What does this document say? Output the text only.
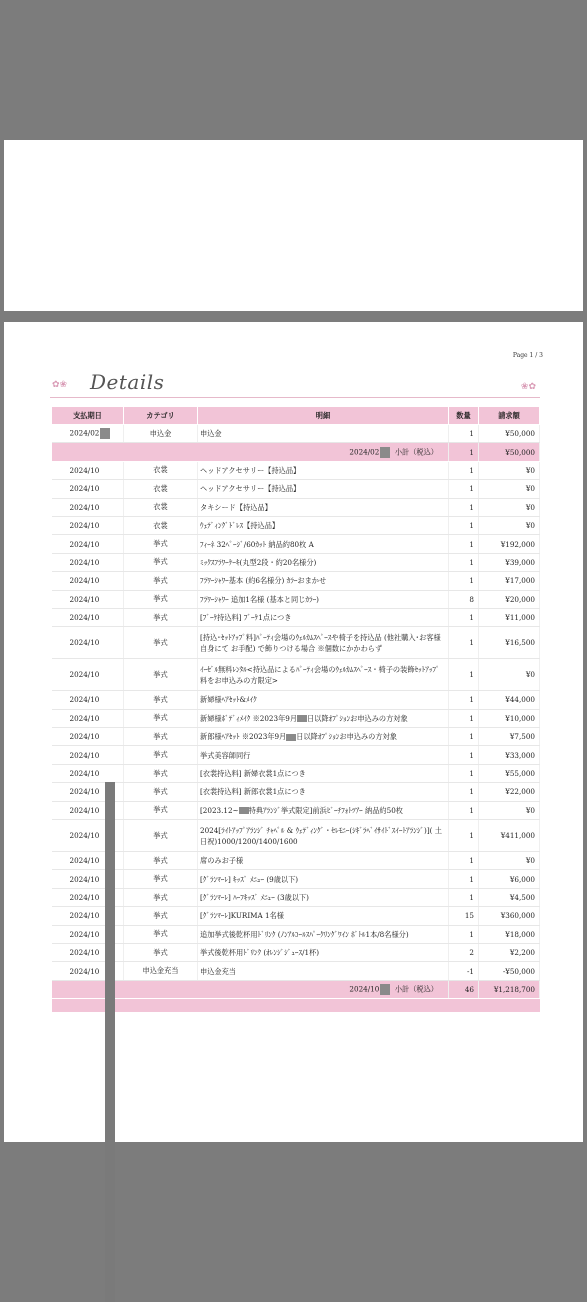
Page 1 / 3
✿❀ Details	❀✿
支払期日	カテゴリ	明細	数量	請求額
2024/02	申込金	申込金	1	¥50,000
2024/02 小計（税込）			1	¥50,000
2024/10	衣裳	ヘッドアクセサリー【持込品】	1	¥0
2024/10	衣裳	ヘッドアクセサリー【持込品】	1	¥0
2024/10	衣裳	タキシード【持込品】	1	¥0
2024/10	衣裳	ｳｪﾃﾞｨﾝｸﾞﾄﾞﾚｽ【持込品】	1	¥0
2024/10	挙式	ﾌｨｰﾈ 32ﾍﾟｰｼﾞ/60ｶｯﾄ 納品約80枚 A	1	¥192,000
2024/10	挙式	ﾐｯｸｽﾌﾗﾜｰｹｰｷ(丸型2段・約20名様分)	1	¥39,000
2024/10	挙式	ﾌﾗﾜｰｼｬﾜｰ基本 (約6名様分) ｶﾗｰおまかせ	1	¥17,000
2024/10	挙式	ﾌﾗﾜｰｼｬﾜｰ 追加1名様 (基本と同じｶﾗｰ)	8	¥20,000
2024/10	挙式	[ﾌﾞｰｹ持込料] ﾌﾞｰｹ1点につき	1	¥11,000
2024/10	挙式	[持込･ｾｯﾄｱｯﾌﾟ料]ﾊﾟｰﾃｨ会場のｳｪﾙｶﾑｽﾍﾟｰｽや椅子を持込品 (他社購入･お客様自身にて お手配) で飾りつける場合 ※個数にかかわらず	1	¥16,500
2024/10	挙式	ｲｰｾﾞﾙ無料ﾚﾝﾀﾙ<持込品によるﾊﾟｰﾃｨ会場のｳｪﾙｶﾑｽﾍﾟｰｽ・椅子の装飾ｾｯﾄｱｯﾌﾟ 料をお申込みの方限定>	1	¥0
2024/10	挙式	新婦様ﾍｱｾｯﾄ&ﾒｲｸ	1	¥44,000
2024/10	挙式	新婦様ﾎﾞﾃﾞｨﾒｲｸ ※2023年9月 日以降ｵﾌﾟｼｮﾝお申込みの方対象	1	¥10,000
2024/10	挙式	新郎様ﾍｱｾｯﾄ ※2023年9月 日以降ｵﾌﾟｼｮﾝお申込みの方対象	1	¥7,500
2024/10	挙式	挙式美容師同行	1	¥33,000
2024/10	挙式	[衣裳持込料] 新婦衣裳1点につき	1	¥55,000
2024/10	挙式	[衣裳持込料] 新郎衣裳1点につき	1	¥22,000
2024/10	挙式	[2023.12~ 特典ｱﾗﾝｼﾞ挙式限定]前浜ﾋﾞｰﾁﾌｫﾄﾂｱｰ 納品約50枚	1	¥0
2024/10	挙式	2024[ﾗｲﾄｱｯﾌﾟｱﾗﾝｼﾞ ﾁｬﾍﾟﾙ & ｳｪﾃﾞｨﾝｸﾞ・ｾﾚﾓﾆｰ(ｼｷﾞﾗﾍﾞｲｻｲﾄﾞｽｲｰﾄｱﾗﾝｼﾞ)]( 土日祝)1000/1200/1400/1600	1	¥411,000
2024/10	挙式	席のみお子様	1	¥0
2024/10	挙式	[ｸﾞﾗﾝﾏｰﾚ] ｷｯｽﾞ ﾒﾆｭｰ (9歳以下)	1	¥6,000
2024/10	挙式	[ｸﾞﾗﾝﾏｰﾚ] ﾊｰﾌｷｯｽﾞ ﾒﾆｭｰ (3歳以下)	1	¥4,500
2024/10	挙式	[ｸﾞﾗﾝﾏｰﾚ]KURIMA 1名様	15	¥360,000
2024/10	挙式	追加挙式後乾杯用ﾄﾞﾘﾝｸ (ﾉﾝｱﾙｺｰﾙｽﾊﾟｰｸﾘﾝｸﾞﾜｲﾝ ﾎﾞﾄﾙ1本/8名様分)	1	¥18,000
2024/10	挙式	挙式後乾杯用ﾄﾞﾘﾝｸ (ｵﾚﾝｼﾞｼﾞｭｰｽ/1杯)	2	¥2,200
2024/10	申込金充当	申込金充当	-1	-¥50,000
2024/10 小計（税込）			46	¥1,218,700
